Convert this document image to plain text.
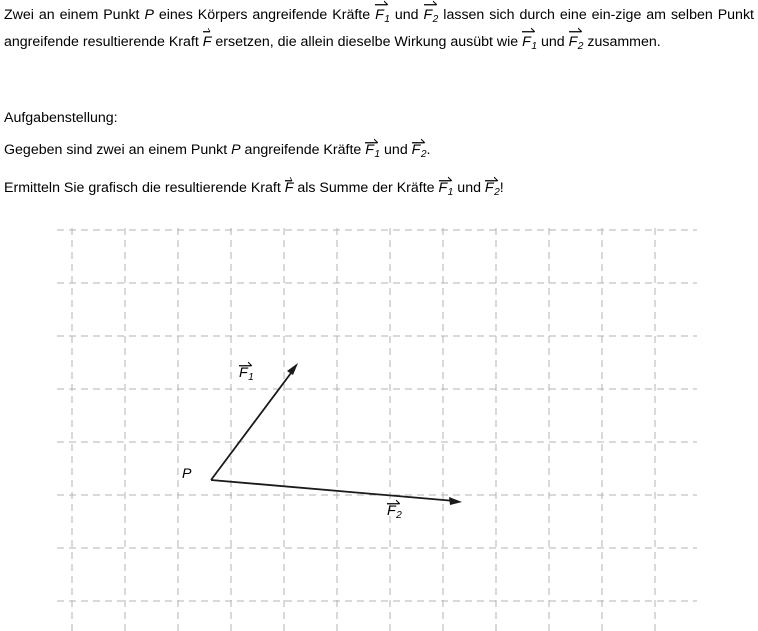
Zwei an einem Punkt P eines Körpers angreifende Kräfte
F1 und
F2 lassen sich durch eine ein-zige am selben Punkt angreifende resultierende Kraft
F ersetzen, die allein dieselbe Wirkung ausübt wie
F1 und
F2 zusammen.
Aufgabenstellung:
Gegeben sind zwei an einem Punkt P angreifende Kräfte
F1 und
F2.
Ermitteln Sie grafisch die resultierende Kraft
F als Summe der Kräfte
F1 und
F2!
F1
F2
P
